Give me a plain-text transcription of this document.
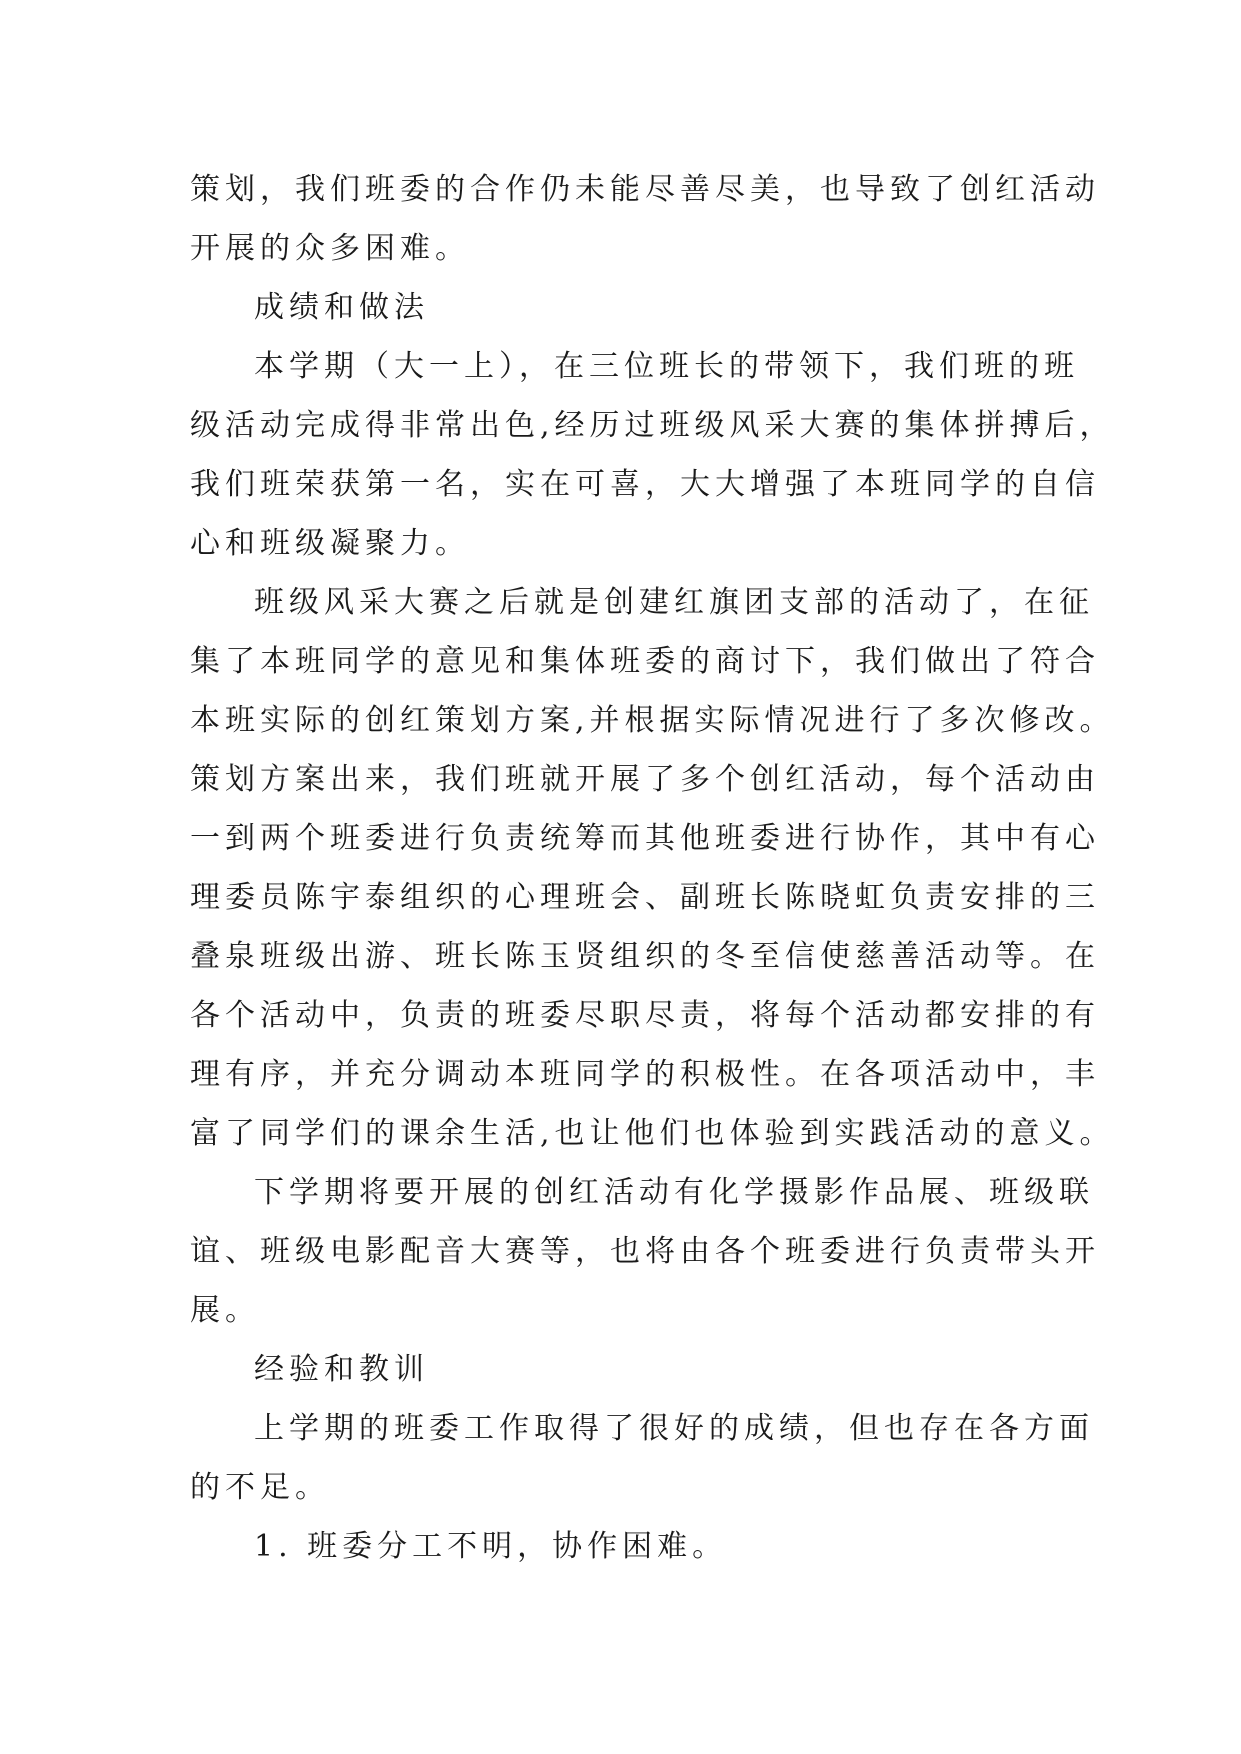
策划，我们班委的合作仍未能尽善尽美，也导致了创红活动
开展的众多困难。
成绩和做法
本学期（大一上），在三位班长的带领下，我们班的班
级活动完成得非常出色,经历过班级风采大赛的集体拼搏后，
我们班荣获第一名，实在可喜，大大增强了本班同学的自信
心和班级凝聚力。
班级风采大赛之后就是创建红旗团支部的活动了，在征
集了本班同学的意见和集体班委的商讨下，我们做出了符合
本班实际的创红策划方案,并根据实际情况进行了多次修改。
策划方案出来，我们班就开展了多个创红活动，每个活动由
一到两个班委进行负责统筹而其他班委进行协作，其中有心
理委员陈宇泰组织的心理班会、副班长陈晓虹负责安排的三
叠泉班级出游、班长陈玉贤组织的冬至信使慈善活动等。在
各个活动中，负责的班委尽职尽责，将每个活动都安排的有
理有序，并充分调动本班同学的积极性。在各项活动中，丰
富了同学们的课余生活,也让他们也体验到实践活动的意义。
下学期将要开展的创红活动有化学摄影作品展、班级联
谊、班级电影配音大赛等，也将由各个班委进行负责带头开
展。
经验和教训
上学期的班委工作取得了很好的成绩，但也存在各方面
的不足。
1. 班委分工不明，协作困难。
